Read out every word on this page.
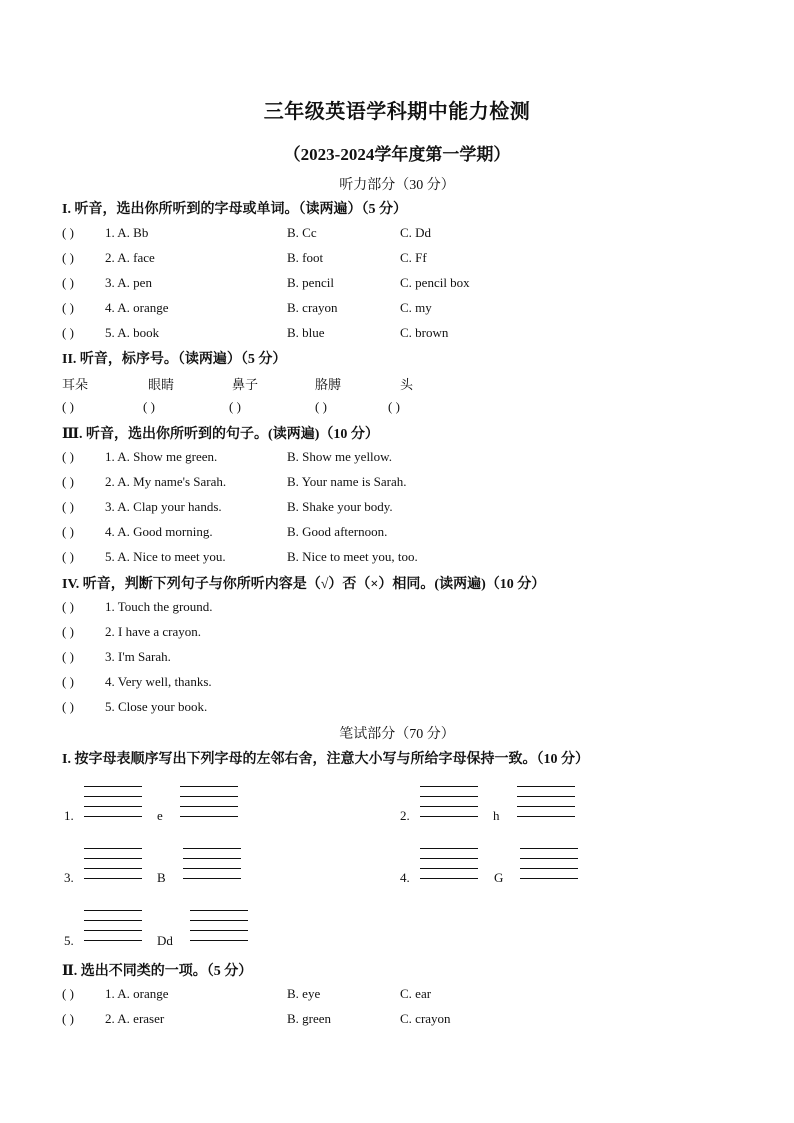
三年级英语学科期中能力检测
（2023-2024学年度第一学期）
听力部分（30 分）
I. 听音，选出你所听到的字母或单词。（读两遍）（5 分）
II. 听音，标序号。（读两遍）（5 分）
耳朵	眼睛	鼻子	胳膊	头
( )	( )	( )	( )	( )
Ⅲ. 听音，选出你所听到的句子。(读两遍)（10 分）
IV. 听音，判断下列句子与你所听内容是（√）否（×）相同。(读两遍)（10 分）
笔试部分（70 分）
I. 按字母表顺序写出下列字母的左邻右舍，注意大小写与所给字母保持一致。（10 分）
1.	e	2.	h
3.	B	4.	G
5.	Dd
Ⅱ. 选出不同类的一项。（5 分）
( ) 1. A. Bb	B. Cc	C. Dd
( ) 2. A. face	B. foot	C. Ff
( ) 3. A. pen	B. pencil	C. pencil box
( ) 4. A. orange	B. crayon	C. my
( ) 5. A. book	B. blue	C. brown
( ) 1. A. Show me green.	B. Show me yellow.
( ) 2. A. My name's Sarah.	B. Your name is Sarah.
( ) 3. A. Clap your hands.	B. Shake your body.
( ) 4. A. Good morning.	B. Good afternoon.
( ) 5. A. Nice to meet you.	B. Nice to meet you, too.
( ) 1. Touch the ground.
( ) 2. I have a crayon.
( ) 3. I'm Sarah.
( ) 4. Very well, thanks.
( ) 5. Close your book.
( ) 1. A. orange	B. eye	C. ear
( ) 2. A. eraser	B. green	C. crayon
